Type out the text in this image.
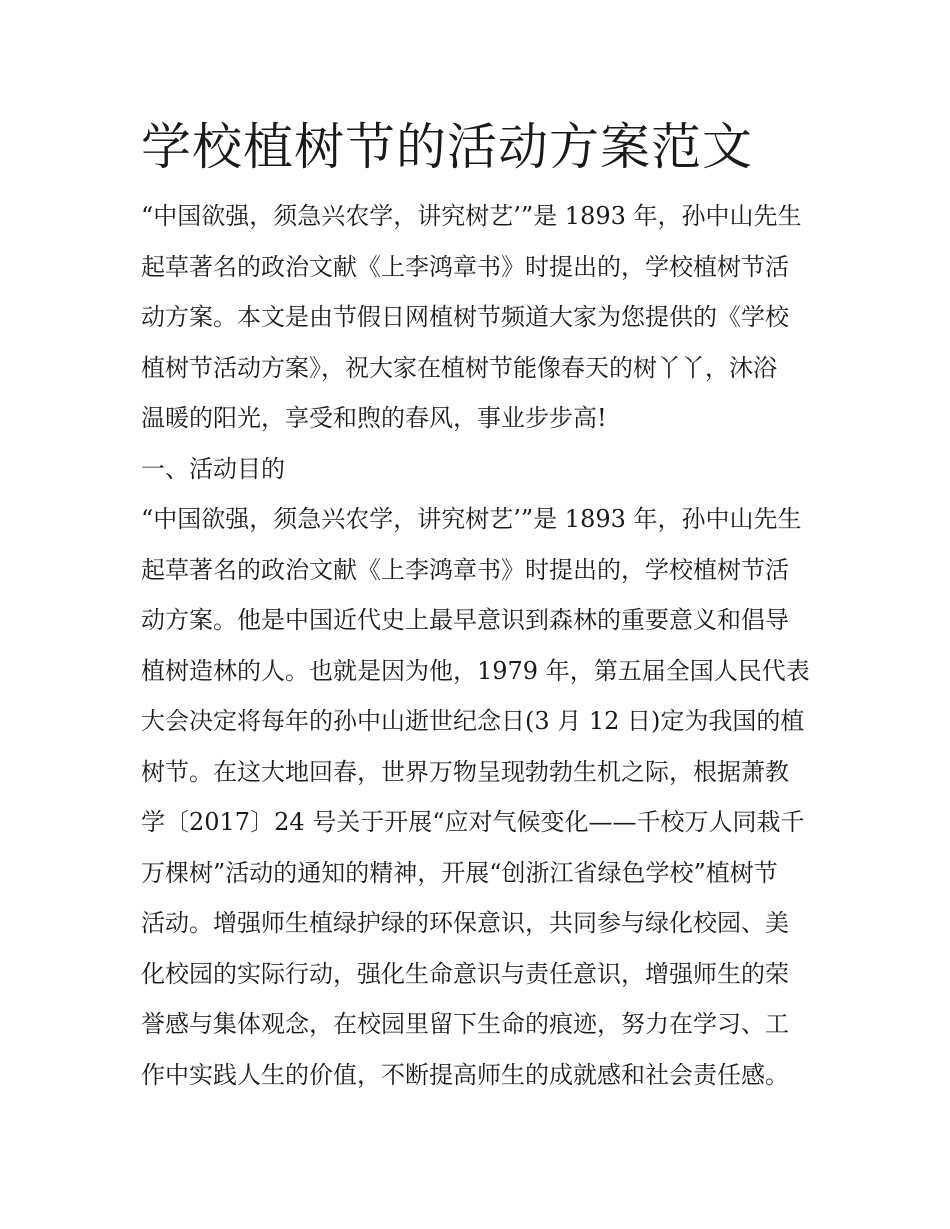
学校植树节的活动方案范文
“中国欲强，须急兴农学，讲究树艺’”是 1893 年，孙中山先生
起草著名的政治文献《上李鸿章书》时提出的，学校植树节活
动方案。本文是由节假日网植树节频道大家为您提供的《学校
植树节活动方案》，祝大家在植树节能像春天的树丫丫，沐浴
温暖的阳光，享受和煦的春风，事业步步高!
一、活动目的
“中国欲强，须急兴农学，讲究树艺’”是 1893 年，孙中山先生
起草著名的政治文献《上李鸿章书》时提出的，学校植树节活
动方案。他是中国近代史上最早意识到森林的重要意义和倡导
植树造林的人。也就是因为他，1979 年，第五届全国人民代表
大会决定将每年的孙中山逝世纪念日(3 月 12 日)定为我国的植
树节。在这大地回春，世界万物呈现勃勃生机之际，根据萧教
学〔2017〕24 号关于开展“应对气候变化——千校万人同栽千
万棵树”活动的通知的精神，开展“创浙江省绿色学校”植树节
活动。增强师生植绿护绿的环保意识，共同参与绿化校园、美
化校园的实际行动，强化生命意识与责任意识，增强师生的荣
誉感与集体观念，在校园里留下生命的痕迹，努力在学习、工
作中实践人生的价值，不断提高师生的成就感和社会责任感。
